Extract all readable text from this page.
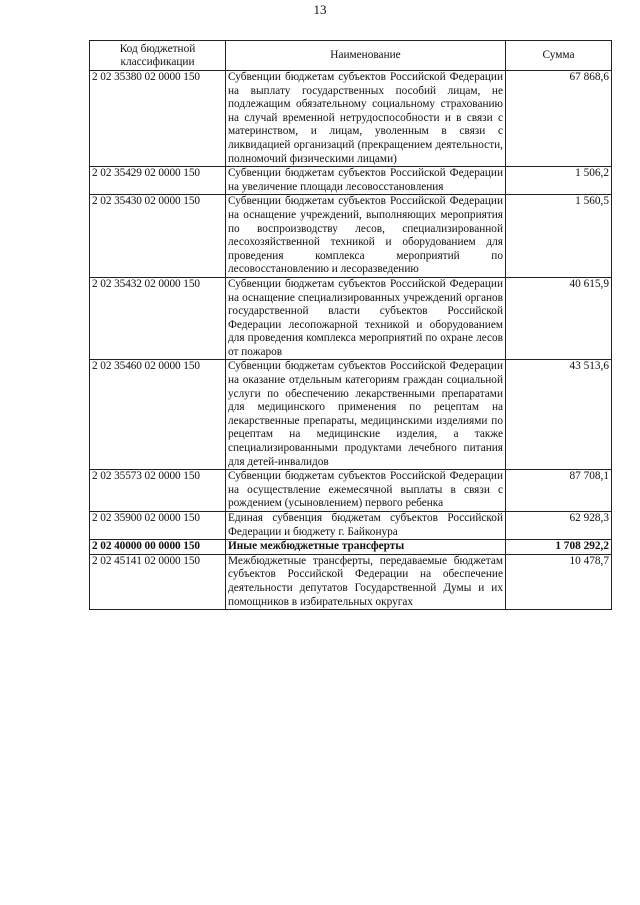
13
Код бюджетной классификации	Наименование	Сумма
2 02 35380 02 0000 150	Субвенции бюджетам субъектов Российской Федерации на выплату государственных пособий лицам, не подлежащим обязательному социальному страхованию на случай временной нетрудоспособности и в связи с материнством, и лицам, уволенным в связи с ликвидацией организаций (прекращением деятельности, полномочий физическими лицами)	67 868,6
2 02 35429 02 0000 150	Субвенции бюджетам субъектов Российской Федерации на увеличение площади лесовосстановления	1 506,2
2 02 35430 02 0000 150	Субвенции бюджетам субъектов Российской Федерации на оснащение учреждений, выполняющих мероприятия по воспроизводству лесов, специализированной лесохозяйственной техникой и оборудованием для проведения комплекса мероприятий по лесовосстановлению и лесоразведению	1 560,5
2 02 35432 02 0000 150	Субвенции бюджетам субъектов Российской Федерации на оснащение специализированных учреждений органов государственной власти субъектов Российской Федерации лесопожарной техникой и оборудованием для проведения комплекса мероприятий по охране лесов от пожаров	40 615,9
2 02 35460 02 0000 150	Субвенции бюджетам субъектов Российской Федерации на оказание отдельным категориям граждан социальной услуги по обеспечению лекарственными препаратами для медицинского применения по рецептам на лекарственные препараты, медицинскими изделиями по рецептам на медицинские изделия, а также специализированными продуктами лечебного питания для детей-инвалидов	43 513,6
2 02 35573 02 0000 150	Субвенции бюджетам субъектов Российской Федерации на осуществление ежемесячной выплаты в связи с рождением (усыновлением) первого ребенка	87 708,1
2 02 35900 02 0000 150	Единая субвенция бюджетам субъектов Российской Федерации и бюджету г. Байконура	62 928,3
2 02 40000 00 0000 150	Иные межбюджетные трансферты	1 708 292,2
2 02 45141 02 0000 150	Межбюджетные трансферты, передаваемые бюджетам субъектов Российской Федерации на обеспечение деятельности депутатов Государственной Думы и их помощников в избирательных округах	10 478,7
